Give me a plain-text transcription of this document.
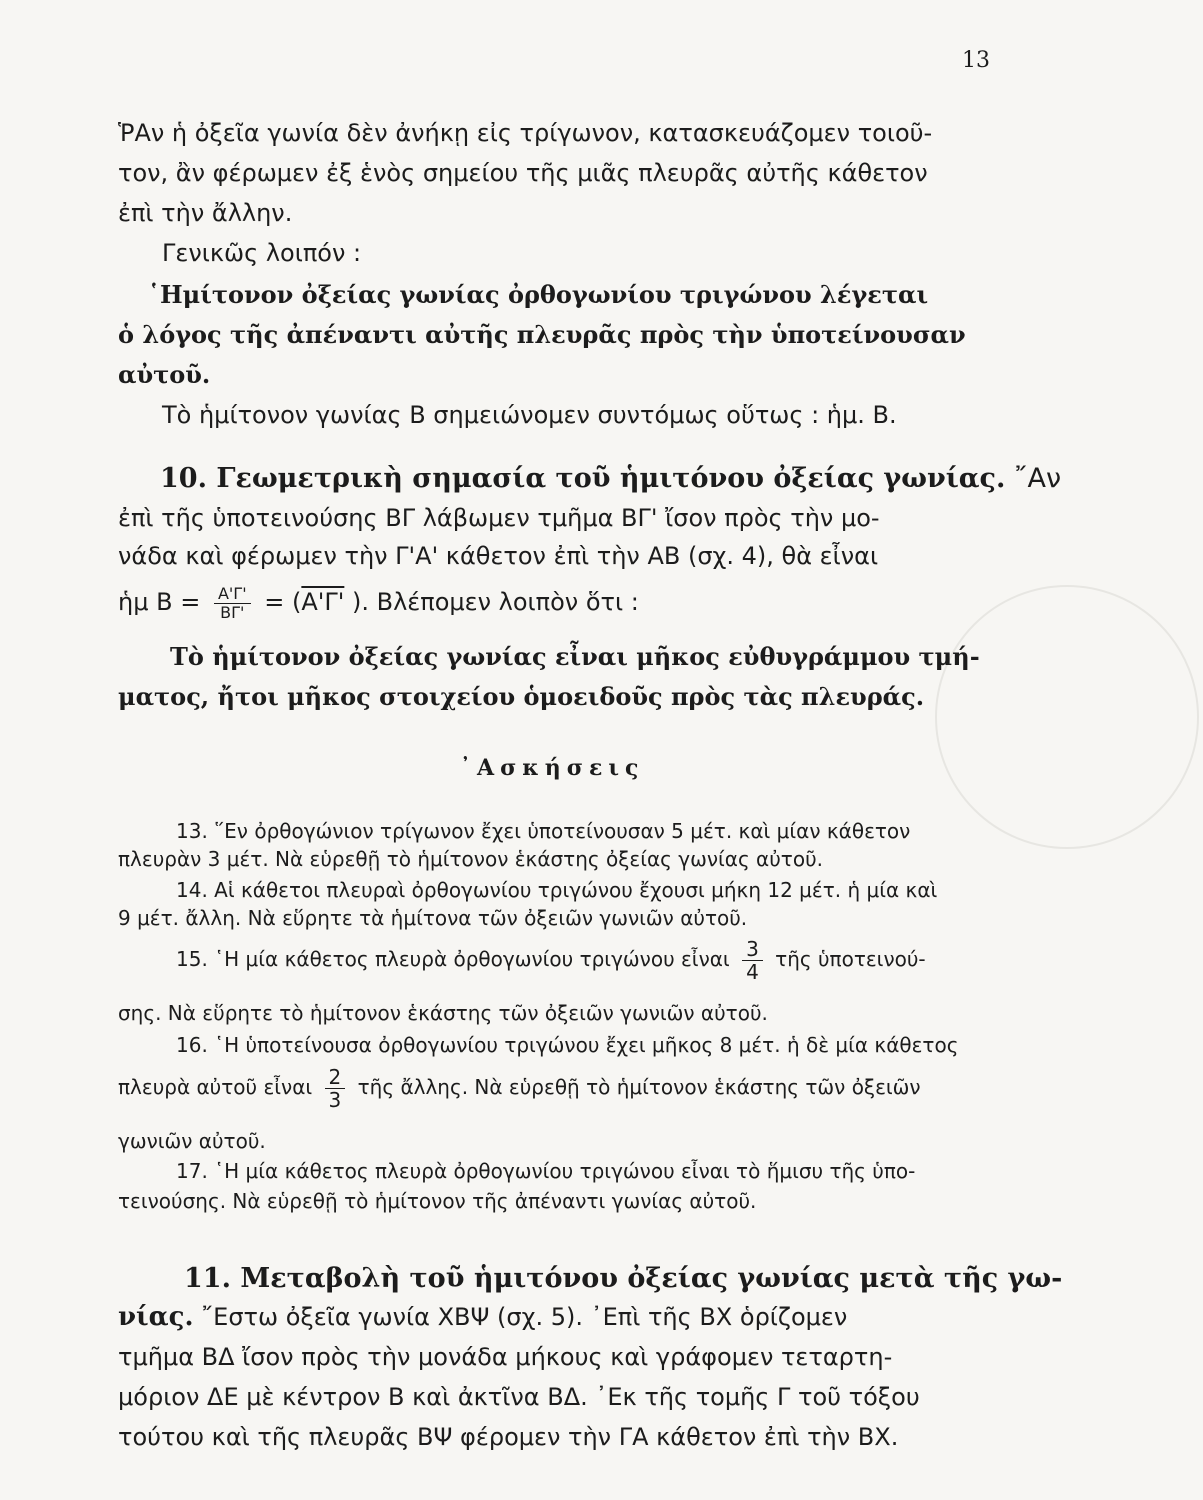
13
ῬΑν ἡ ὀξεῖα γωνία δὲν ἀνήκῃ εἰς τρίγωνον, κατασκευάζομεν τοιοῦ-
τον, ἂν φέρωμεν ἐξ ἑνὸς σημείου τῆς μιᾶς πλευρᾶς αὐτῆς κάθετον
ἐπὶ τὴν ἄλλην.
Γενικῶς λοιπόν :
῾Ημίτονον ὀξείας γωνίας ὀρθογωνίου τριγώνου λέγεται
ὁ λόγος τῆς ἀπέναντι αὐτῆς πλευρᾶς πρὸς τὴν ὑποτείνουσαν
αὐτοῦ.
Τὸ ἡμίτονον γωνίας Β σημειώνομεν συντόμως οὕτως : ἡμ. Β.
10. Γεωμετρικὴ σημασία τοῦ ἡμιτόνου ὀξείας γωνίας. ῎Αν
ἐπὶ τῆς ὑποτεινούσης ΒΓ λάβωμεν τμῆμα ΒΓ' ἴσον πρὸς τὴν μο-
νάδα καὶ φέρωμεν τὴν Γ'Α' κάθετον ἐπὶ τὴν ΑΒ (σχ. 4), θὰ εἶναι
ἡμ $B = \frac{A'\Gamma'}{B\Gamma'} = (A'\Gamma'$ ). Βλέπομεν λοιπὸν ὅτι :
Τὸ ἡμίτονον ὀξείας γωνίας εἶναι μῆκος εὐθυγράμμου τμή-
ματος, ἤτοι μῆκος στοιχείου ὁμοειδοῦς πρὸς τὰς πλευράς.
᾿Ασκήσεις
13. ῞Εν ὀρθογώνιον τρίγωνον ἔχει ὑποτείνουσαν 5 μέτ. καὶ μίαν κάθετον
πλευρὰν 3 μέτ. Νὰ εὑρεθῇ τὸ ἡμίτονον ἑκάστης ὀξείας γωνίας αὐτοῦ.
14. Αἱ κάθετοι πλευραὶ ὀρθογωνίου τριγώνου ἔχουσι μήκη 12 μέτ. ἡ μία καὶ
9 μέτ. ἄλλη. Νὰ εὕρητε τὰ ἡμίτονα τῶν ὀξειῶν γωνιῶν αὐτοῦ.
15. ῾Η μία κάθετος πλευρὰ ὀρθογωνίου τριγώνου εἶναι $\frac{3}{4}$ τῆς ὑποτεινού-
σης. Νὰ εὕρητε τὸ ἡμίτονον ἑκάστης τῶν ὀξειῶν γωνιῶν αὐτοῦ.
16. ῾Η ὑποτείνουσα ὀρθογωνίου τριγώνου ἔχει μῆκος 8 μέτ. ἡ δὲ μία κάθετος
πλευρὰ αὐτοῦ εἶναι $\frac{2}{3}$ τῆς ἄλλης. Νὰ εὑρεθῇ τὸ ἡμίτονον ἑκάστης τῶν ὀξειῶν
γωνιῶν αὐτοῦ.
17. ῾Η μία κάθετος πλευρὰ ὀρθογωνίου τριγώνου εἶναι τὸ ἥμισυ τῆς ὑπο-
τεινούσης. Νὰ εὑρεθῇ τὸ ἡμίτονον τῆς ἀπέναντι γωνίας αὐτοῦ.
11. Μεταβολὴ τοῦ ἡμιτόνου ὀξείας γωνίας μετὰ τῆς γω-
νίας. ῎Εστω ὀξεῖα γωνία ΧΒΨ (σχ. 5). ᾿Επὶ τῆς ΒΧ ὁρίζομεν
τμῆμα ΒΔ ἴσον πρὸς τὴν μονάδα μήκους καὶ γράφομεν τεταρτη-
μόριον ΔΕ μὲ κέντρον Β καὶ ἀκτῖνα ΒΔ. ᾿Εκ τῆς τομῆς Γ τοῦ τόξου
τούτου καὶ τῆς πλευρᾶς ΒΨ φέρομεν τὴν ΓΑ κάθετον ἐπὶ τὴν ΒΧ.
